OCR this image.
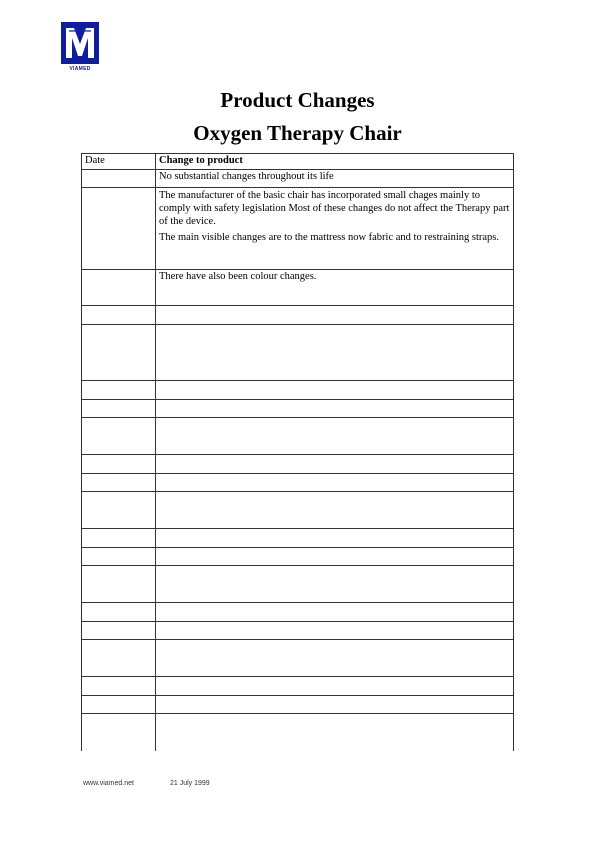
VIAMED
Product Changes
Oxygen Therapy Chair
Date	Change to product
	No substantial changes throughout its life

	The manufacturer of the basic chair has incorporated small chages mainly to comply with safety legislation Most of these changes do not affect the Therapy part of the device.
The main visible changes are to the mattress now fabric and to restraining straps.

	There have also been colour changes.

www.viamed.net	21 July 1999
